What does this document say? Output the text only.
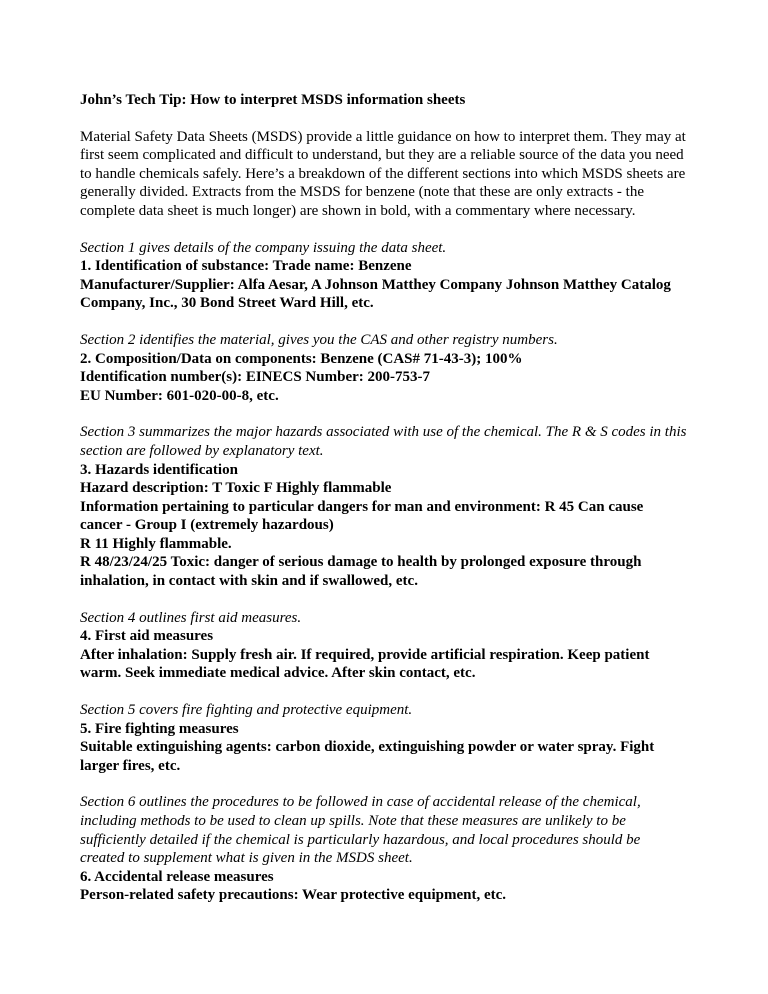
John’s Tech Tip: How to interpret MSDS information sheets
Material Safety Data Sheets (MSDS) provide a little guidance on how to interpret them. They may at first seem complicated and difficult to understand, but they are a reliable source of the data you need to handle chemicals safely. Here’s a breakdown of the different sections into which MSDS sheets are generally divided. Extracts from the MSDS for benzene (note that these are only extracts - the complete data sheet is much longer) are shown in bold, with a commentary where necessary.
Section 1 gives details of the company issuing the data sheet.
1. Identification of substance: Trade name: Benzene
Manufacturer/Supplier: Alfa Aesar, A Johnson Matthey Company Johnson Matthey Catalog Company, Inc., 30 Bond Street Ward Hill, etc.
Section 2 identifies the material, gives you the CAS and other registry numbers.
2. Composition/Data on components: Benzene (CAS# 71-43-3); 100%
Identification number(s): EINECS Number: 200-753-7
EU Number: 601-020-00-8, etc.
Section 3 summarizes the major hazards associated with use of the chemical. The R & S codes in this section are followed by explanatory text.
3. Hazards identification
Hazard description: T Toxic F Highly flammable
Information pertaining to particular dangers for man and environment: R 45 Can cause cancer - Group I (extremely hazardous)
R 11 Highly flammable.
R 48/23/24/25 Toxic: danger of serious damage to health by prolonged exposure through inhalation, in contact with skin and if swallowed, etc.
Section 4 outlines first aid measures.
4. First aid measures
After inhalation: Supply fresh air. If required, provide artificial respiration. Keep patient warm. Seek immediate medical advice. After skin contact, etc.
Section 5 covers fire fighting and protective equipment.
5. Fire fighting measures
Suitable extinguishing agents: carbon dioxide, extinguishing powder or water spray. Fight larger fires, etc.
Section 6 outlines the procedures to be followed in case of accidental release of the chemical, including methods to be used to clean up spills. Note that these measures are unlikely to be sufficiently detailed if the chemical is particularly hazardous, and local procedures should be created to supplement what is given in the MSDS sheet.
6. Accidental release measures
Person-related safety precautions: Wear protective equipment, etc.
